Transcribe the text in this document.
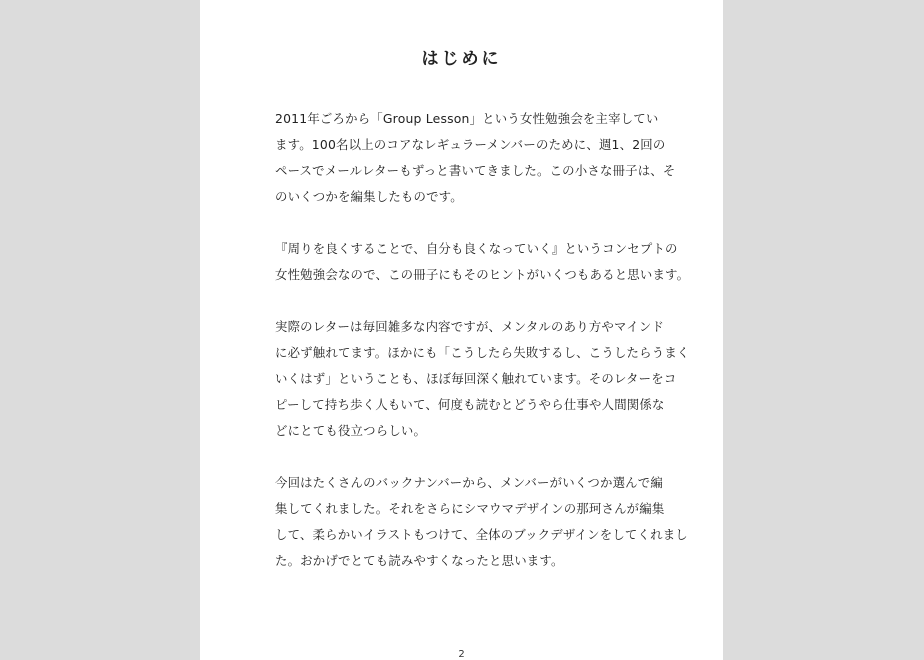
はじめに
2011年ごろから「Group Lesson」という女性勉強会を主宰してい
ます。100名以上のコアなレギュラーメンバーのために、週1、2回の
ペースでメールレターもずっと書いてきました。この小さな冊子は、そ
のいくつかを編集したものです。
『周りを良くすることで、自分も良くなっていく』というコンセプトの
女性勉強会なので、この冊子にもそのヒントがいくつもあると思います。
実際のレターは毎回雑多な内容ですが、メンタルのあり方やマインド
に必ず触れてます。ほかにも「こうしたら失敗するし、こうしたらうまく
いくはず」ということも、ほぼ毎回深く触れています。そのレターをコ
ピーして持ち歩く人もいて、何度も読むとどうやら仕事や人間関係な
どにとても役立つらしい。
今回はたくさんのバックナンバーから、メンバーがいくつか選んで編
集してくれました。それをさらにシマウマデザインの那珂さんが編集
して、柔らかいイラストもつけて、全体のブックデザインをしてくれまし
た。おかげでとても読みやすくなったと思います。
2
